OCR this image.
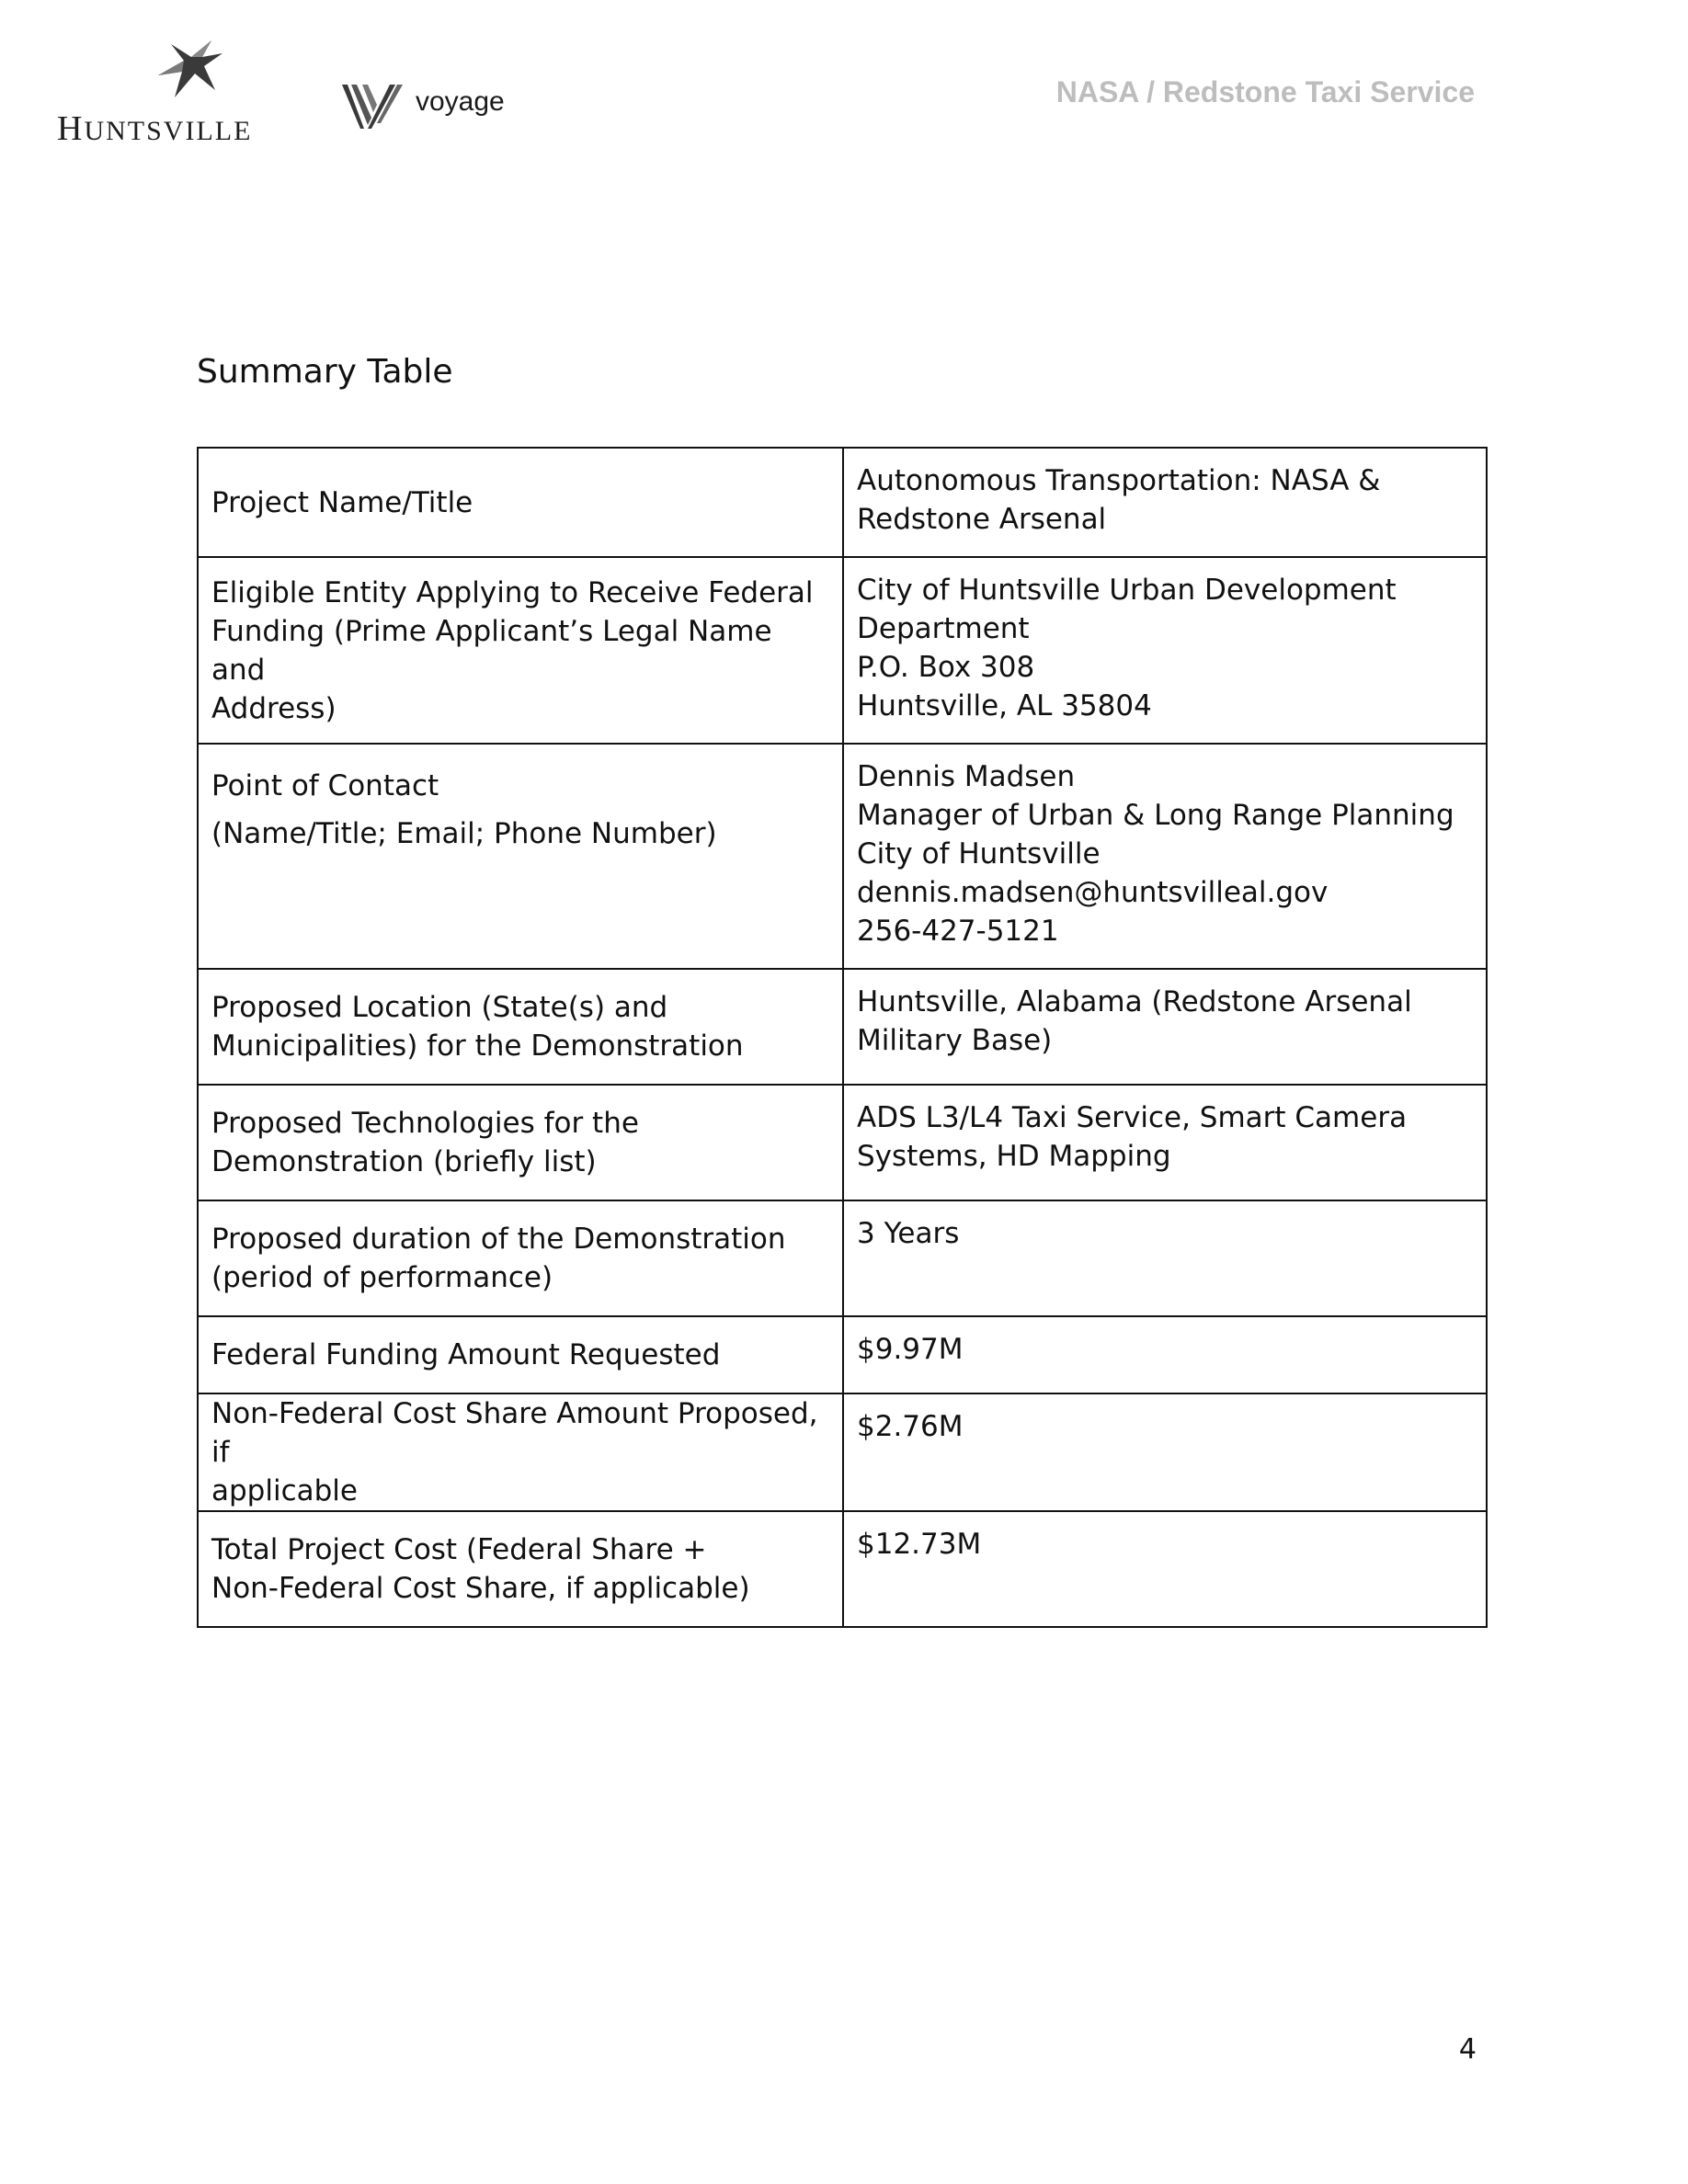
HUNTSVILLE
voyage	NASA / Redstone Taxi Service
Summary Table
Project Name/Title	Autonomous Transportation: NASA &
Redstone Arsenal

Eligible Entity Applying to Receive Federal
Funding (Prime Applicant’s Legal Name and
Address)	City of Huntsville Urban Development
Department
P.O. Box 308
Huntsville, AL 35804

Point of Contact
(Name/Title; Email; Phone Number)	Dennis Madsen
Manager of Urban & Long Range Planning
City of Huntsville
dennis.madsen@huntsvilleal.gov
256-427-5121

Proposed Location (State(s) and
Municipalities) for the Demonstration	Huntsville, Alabama (Redstone Arsenal
Military Base)

Proposed Technologies for the
Demonstration (briefly list)	ADS L3/L4 Taxi Service, Smart Camera
Systems, HD Mapping

Proposed duration of the Demonstration
(period of performance)	3 Years

Federal Funding Amount Requested	$9.97M

Non-Federal Cost Share Amount Proposed, if
applicable	$2.76M

Total Project Cost (Federal Share +
Non-Federal Cost Share, if applicable)	$12.73M
4
